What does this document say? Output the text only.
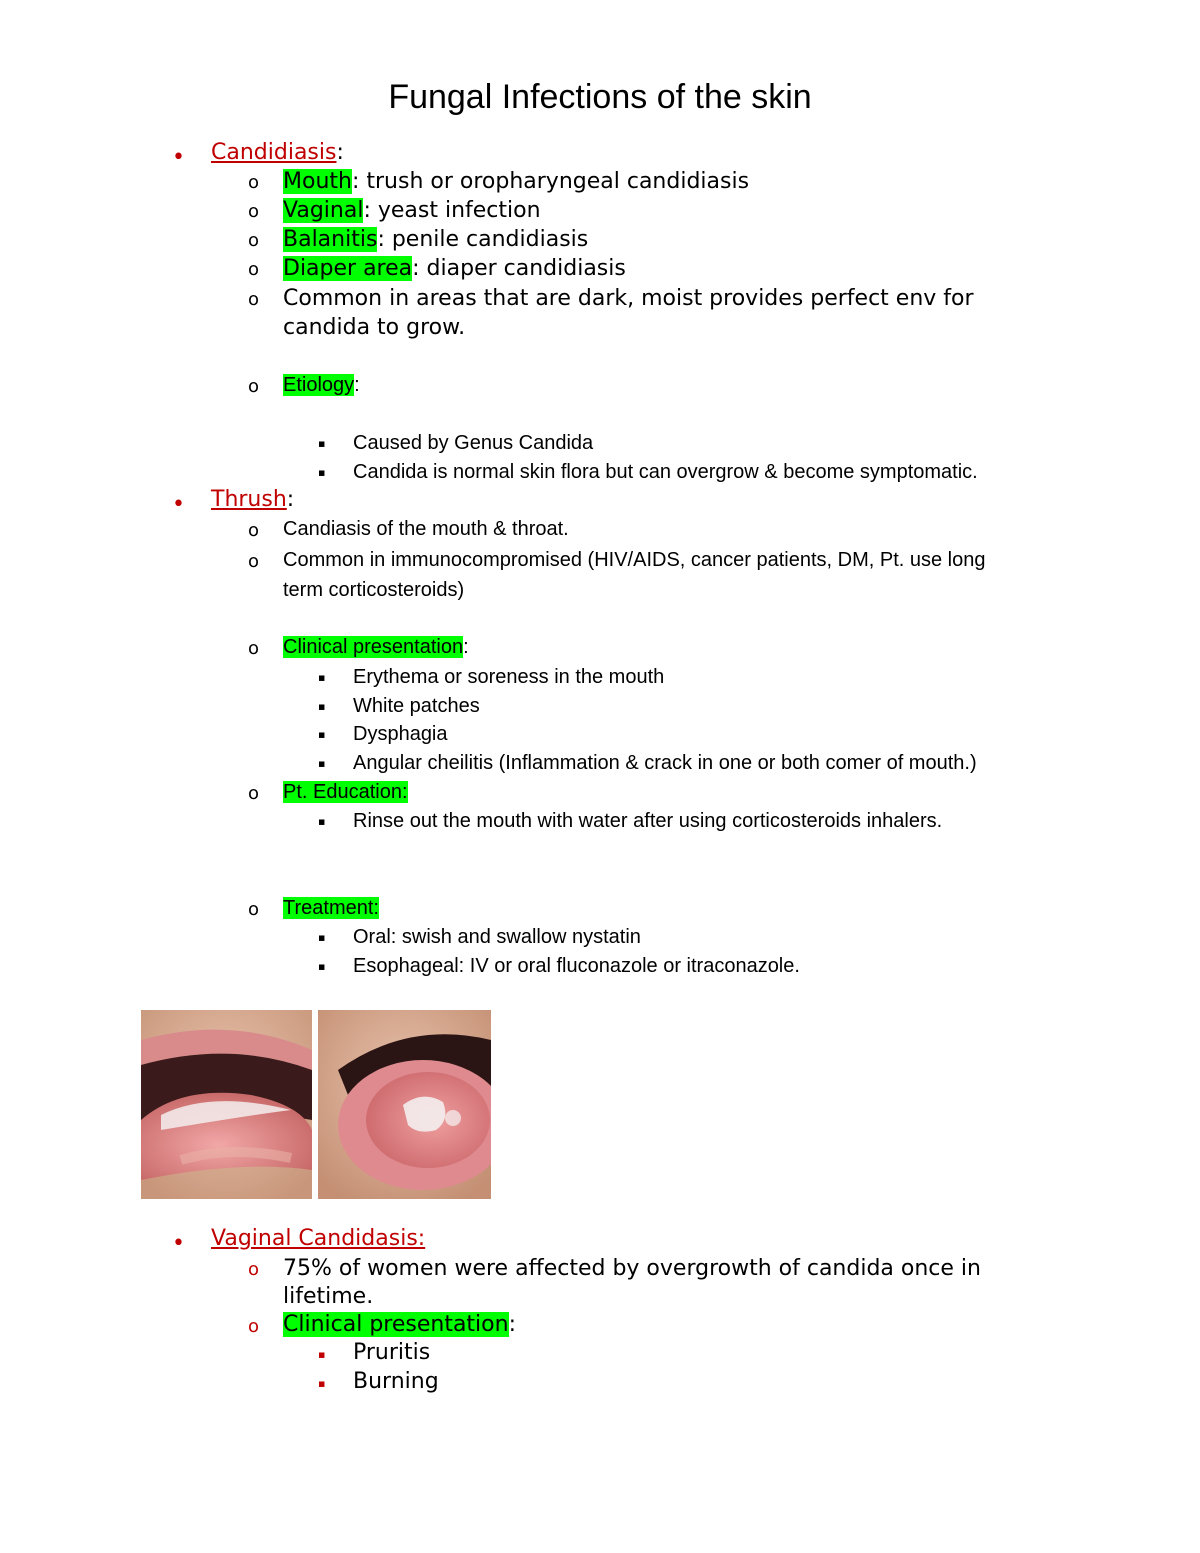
Fungal Infections of the skin
• Candidiasis:
o Mouth: trush or oropharyngeal candidiasis
o Vaginal: yeast infection
o Balanitis: penile candidiasis
o Diaper area: diaper candidiasis
o Common in areas that are dark, moist provides perfect env for
candida to grow.
o Etiology:
▪ Caused by Genus Candida
▪ Candida is normal skin flora but can overgrow & become symptomatic.
• Thrush:
o Candiasis of the mouth & throat.
o Common in immunocompromised (HIV/AIDS, cancer patients, DM, Pt. use long
term corticosteroids)
o Clinical presentation:
▪ Erythema or soreness in the mouth
▪ White patches
▪ Dysphagia
▪ Angular cheilitis (Inflammation & crack in one or both comer of mouth.)
o Pt. Education:
▪ Rinse out the mouth with water after using corticosteroids inhalers.
o Treatment:
▪ Oral: swish and swallow nystatin
▪ Esophageal: IV or oral fluconazole or itraconazole.
• Vaginal Candidasis:
o 75% of women were affected by overgrowth of candida once in
lifetime.
o Clinical presentation:
▪ Pruritis
▪ Burning
